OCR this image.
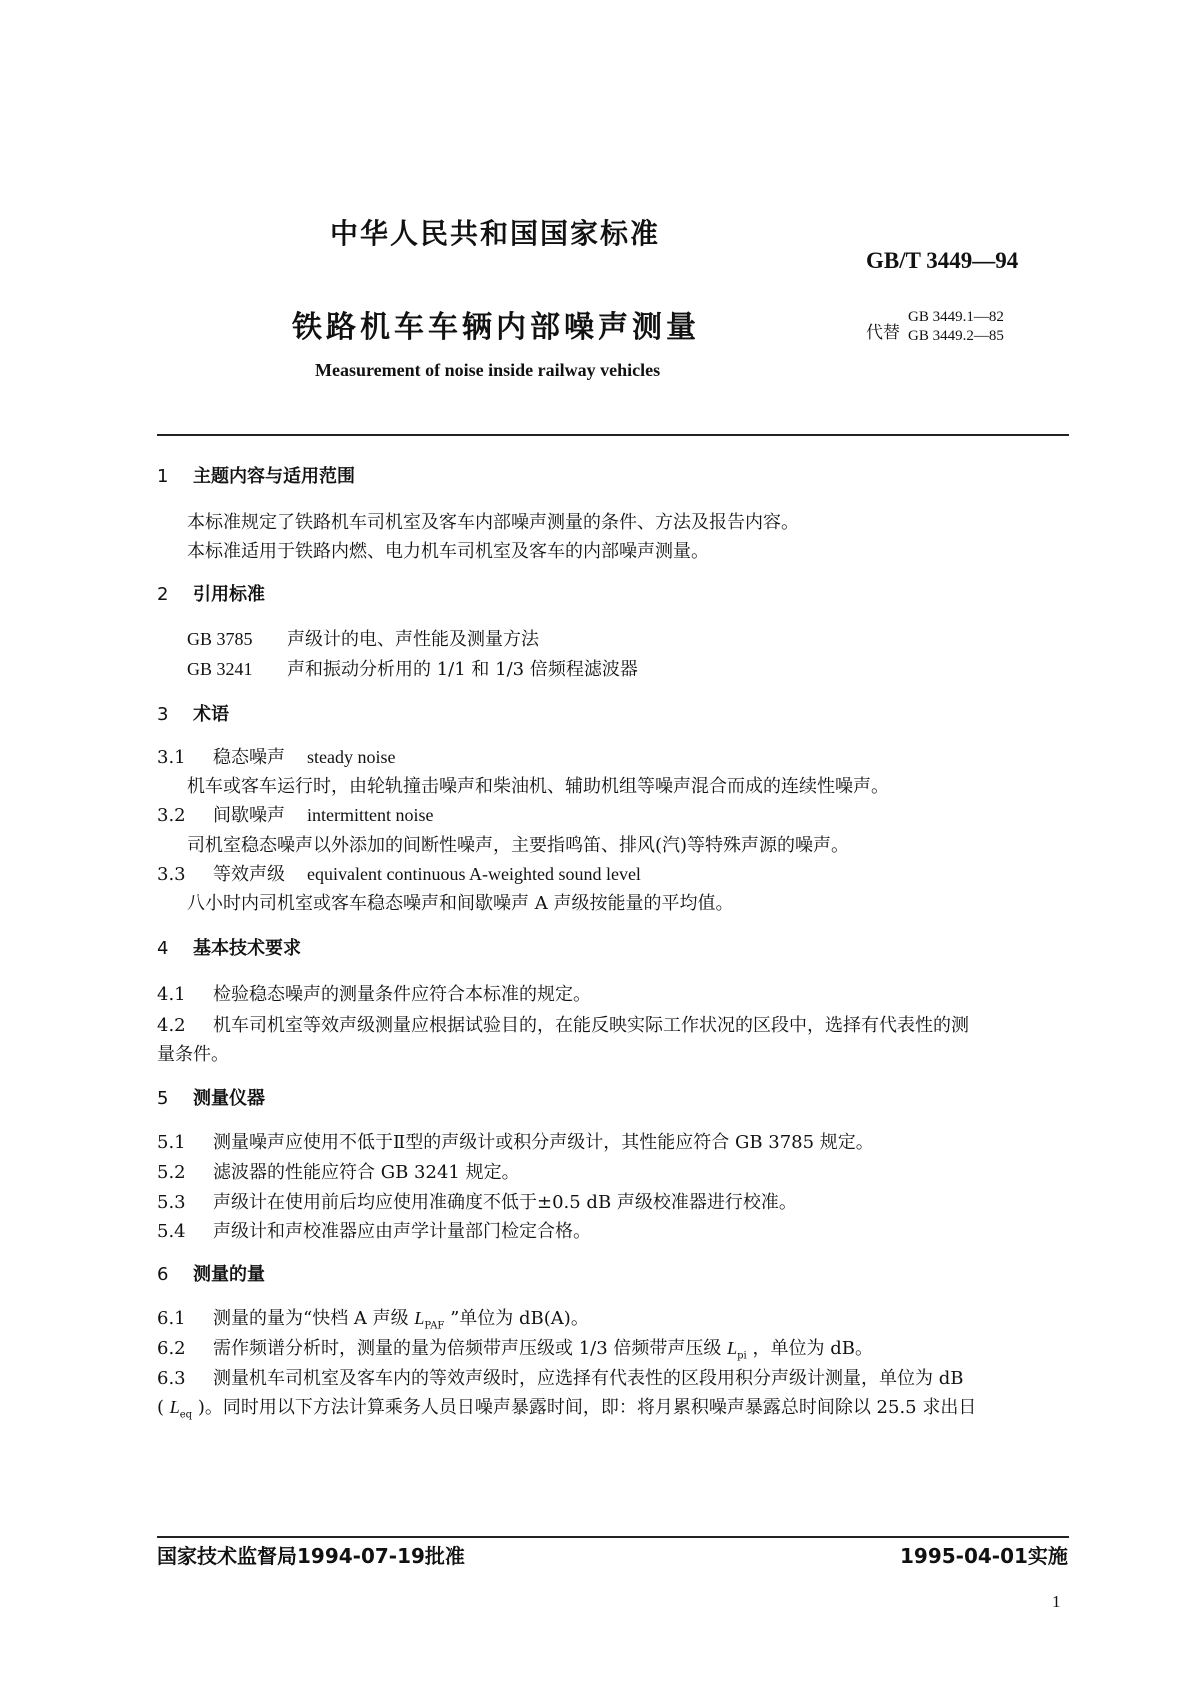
中华人民共和国国家标准
GB/T 3449—94
铁路机车车辆内部噪声测量	代替
GB 3449.1—82
GB 3449.2—85
Measurement of noise inside railway vehicles
1 主题内容与适用范围
本标准规定了铁路机车司机室及客车内部噪声测量的条件、方法及报告内容。
本标准适用于铁路内燃、电力机车司机室及客车的内部噪声测量。
2 引用标准
GB 3785 声级计的电、声性能及测量方法
GB 3241 声和振动分析用的 1/1 和 1/3 倍频程滤波器
3 术语
3.1 稳态噪声 steady noise
机车或客车运行时，由轮轨撞击噪声和柴油机、辅助机组等噪声混合而成的连续性噪声。
3.2 间歇噪声 intermittent noise
司机室稳态噪声以外添加的间断性噪声，主要指鸣笛、排风(汽)等特殊声源的噪声。
3.3 等效声级 equivalent continuous A-weighted sound level
八小时内司机室或客车稳态噪声和间歇噪声 A 声级按能量的平均值。
4 基本技术要求
4.1 检验稳态噪声的测量条件应符合本标准的规定。
4.2 机车司机室等效声级测量应根据试验目的，在能反映实际工作状况的区段中，选择有代表性的测
量条件。
5 测量仪器
5.1 测量噪声应使用不低于Ⅱ型的声级计或积分声级计，其性能应符合 GB 3785 规定。
5.2 滤波器的性能应符合 GB 3241 规定。
5.3 声级计在使用前后均应使用准确度不低于±0.5 dB 声级校准器进行校准。
5.4 声级计和声校准器应由声学计量部门检定合格。
6 测量的量
6.1 测量的量为“快档 A 声级 $L_{PAF}$ ”单位为 dB(A)。
6.2 需作频谱分析时，测量的量为倍频带声压级或 1/3 倍频带声压级 $L_{pi}$ ，单位为 dB。
6.3 测量机车司机室及客车内的等效声级时，应选择有代表性的区段用积分声级计测量，单位为 dB
( $L_{eq}$ )。同时用以下方法计算乘务人员日噪声暴露时间，即：将月累积噪声暴露总时间除以 25.5 求出日
国家技术监督局1994-07-19批准	1995-04-01实施
1
